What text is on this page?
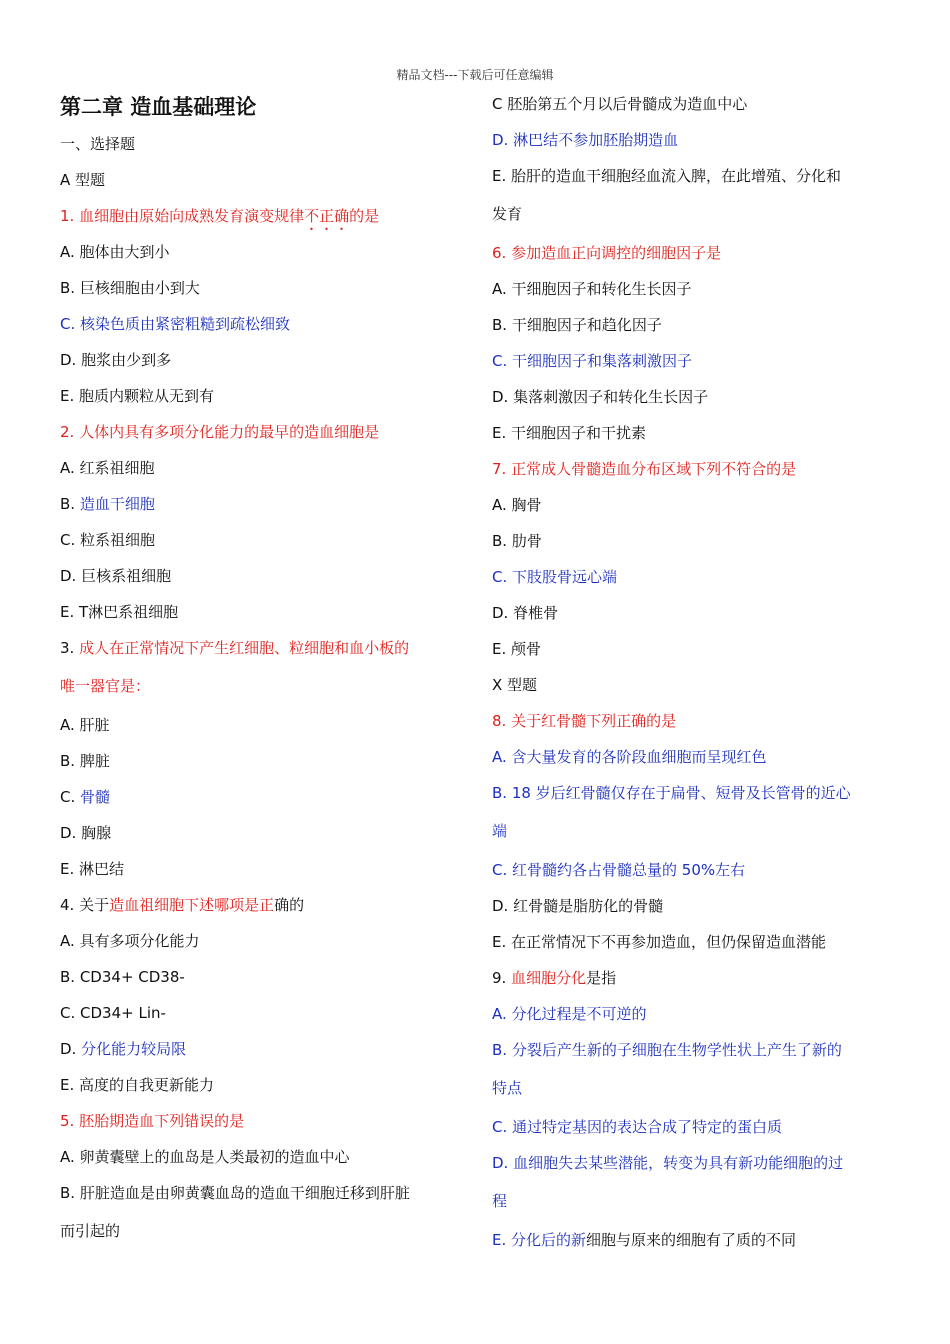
精品文档---下载后可任意编辑
第二章 造血基础理论
一、选择题
A 型题
1. 血细胞由原始向成熟发育演变规律不正确的是
A. 胞体由大到小
B. 巨核细胞由小到大
C. 核染色质由紧密粗糙到疏松细致
D. 胞浆由少到多
E. 胞质内颗粒从无到有
2. 人体内具有多项分化能力的最早的造血细胞是
A. 红系祖细胞
B. 造血干细胞
C. 粒系祖细胞
D. 巨核系祖细胞
E. T淋巴系祖细胞
3. 成人在正常情况下产生红细胞、粒细胞和血小板的
唯一器官是：
A. 肝脏
B. 脾脏
C. 骨髓
D. 胸腺
E. 淋巴结
4. 关于造血祖细胞下述哪项是正确的
A. 具有多项分化能力
B. CD34+ CD38-
C. CD34+ Lin-
D. 分化能力较局限
E. 高度的自我更新能力
5. 胚胎期造血下列错误的是
A. 卵黄囊壁上的血岛是人类最初的造血中心
B. 肝脏造血是由卵黄囊血岛的造血干细胞迁移到肝脏
而引起的
C 胚胎第五个月以后骨髓成为造血中心
D. 淋巴结不参加胚胎期造血
E. 胎肝的造血干细胞经血流入脾，在此增殖、分化和
发育
6. 参加造血正向调控的细胞因子是
A. 干细胞因子和转化生长因子
B. 干细胞因子和趋化因子
C. 干细胞因子和集落刺激因子
D. 集落刺激因子和转化生长因子
E. 干细胞因子和干扰素
7. 正常成人骨髓造血分布区域下列不符合的是
A. 胸骨
B. 肋骨
C. 下肢股骨远心端
D. 脊椎骨
E. 颅骨
X 型题
8. 关于红骨髓下列正确的是
A. 含大量发育的各阶段血细胞而呈现红色
B. 18 岁后红骨髓仅存在于扁骨、短骨及长管骨的近心
端
C. 红骨髓约各占骨髓总量的 50%左右
D. 红骨髓是脂肪化的骨髓
E. 在正常情况下不再参加造血，但仍保留造血潜能
9. 血细胞分化是指
A. 分化过程是不可逆的
B. 分裂后产生新的子细胞在生物学性状上产生了新的
特点
C. 通过特定基因的表达合成了特定的蛋白质
D. 血细胞失去某些潜能，转变为具有新功能细胞的过
程
E. 分化后的新细胞与原来的细胞有了质的不同
